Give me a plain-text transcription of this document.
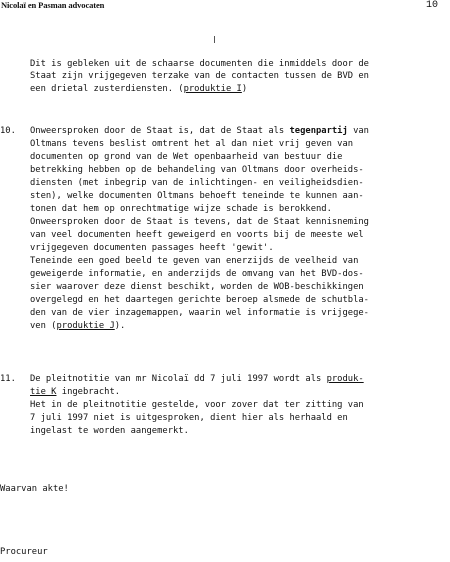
Nicolaï en Pasman advocaten	10
Dit is gebleken uit de schaarse documenten die inmiddels door de
Staat zijn vrijgegeven terzake van de contacten tussen de BVD en
een drietal zusterdiensten. (produktie I)
10. Onweersproken door de Staat is, dat de Staat als tegenpartij van
Oltmans tevens beslist omtrent het al dan niet vrij geven van
documenten op grond van de Wet openbaarheid van bestuur die
betrekking hebben op de behandeling van Oltmans door overheids-
diensten (met inbegrip van de inlichtingen- en veiligheidsdien-
sten), welke documenten Oltmans behoeft teneinde te kunnen aan-
tonen dat hem op onrechtmatige wijze schade is berokkend.
Onweersproken door de Staat is tevens, dat de Staat kennisneming
van veel documenten heeft geweigerd en voorts bij de meeste wel
vrijgegeven documenten passages heeft 'gewit'.
Teneinde een goed beeld te geven van enerzijds de veelheid van
geweigerde informatie, en anderzijds de omvang van het BVD-dos-
sier waarover deze dienst beschikt, worden de WOB-beschikkingen
overgelegd en het daartegen gerichte beroep alsmede de schutbla-
den van de vier inzagemappen, waarin wel informatie is vrijgege-
ven (produktie J).
11. De pleitnotitie van mr Nicolaï dd 7 juli 1997 wordt als produk-
tie K ingebracht.
Het in de pleitnotitie gestelde, voor zover dat ter zitting van
7 juli 1997 niet is uitgesproken, dient hier als herhaald en
ingelast te worden aangemerkt.
Waarvan akte!
Procureur
